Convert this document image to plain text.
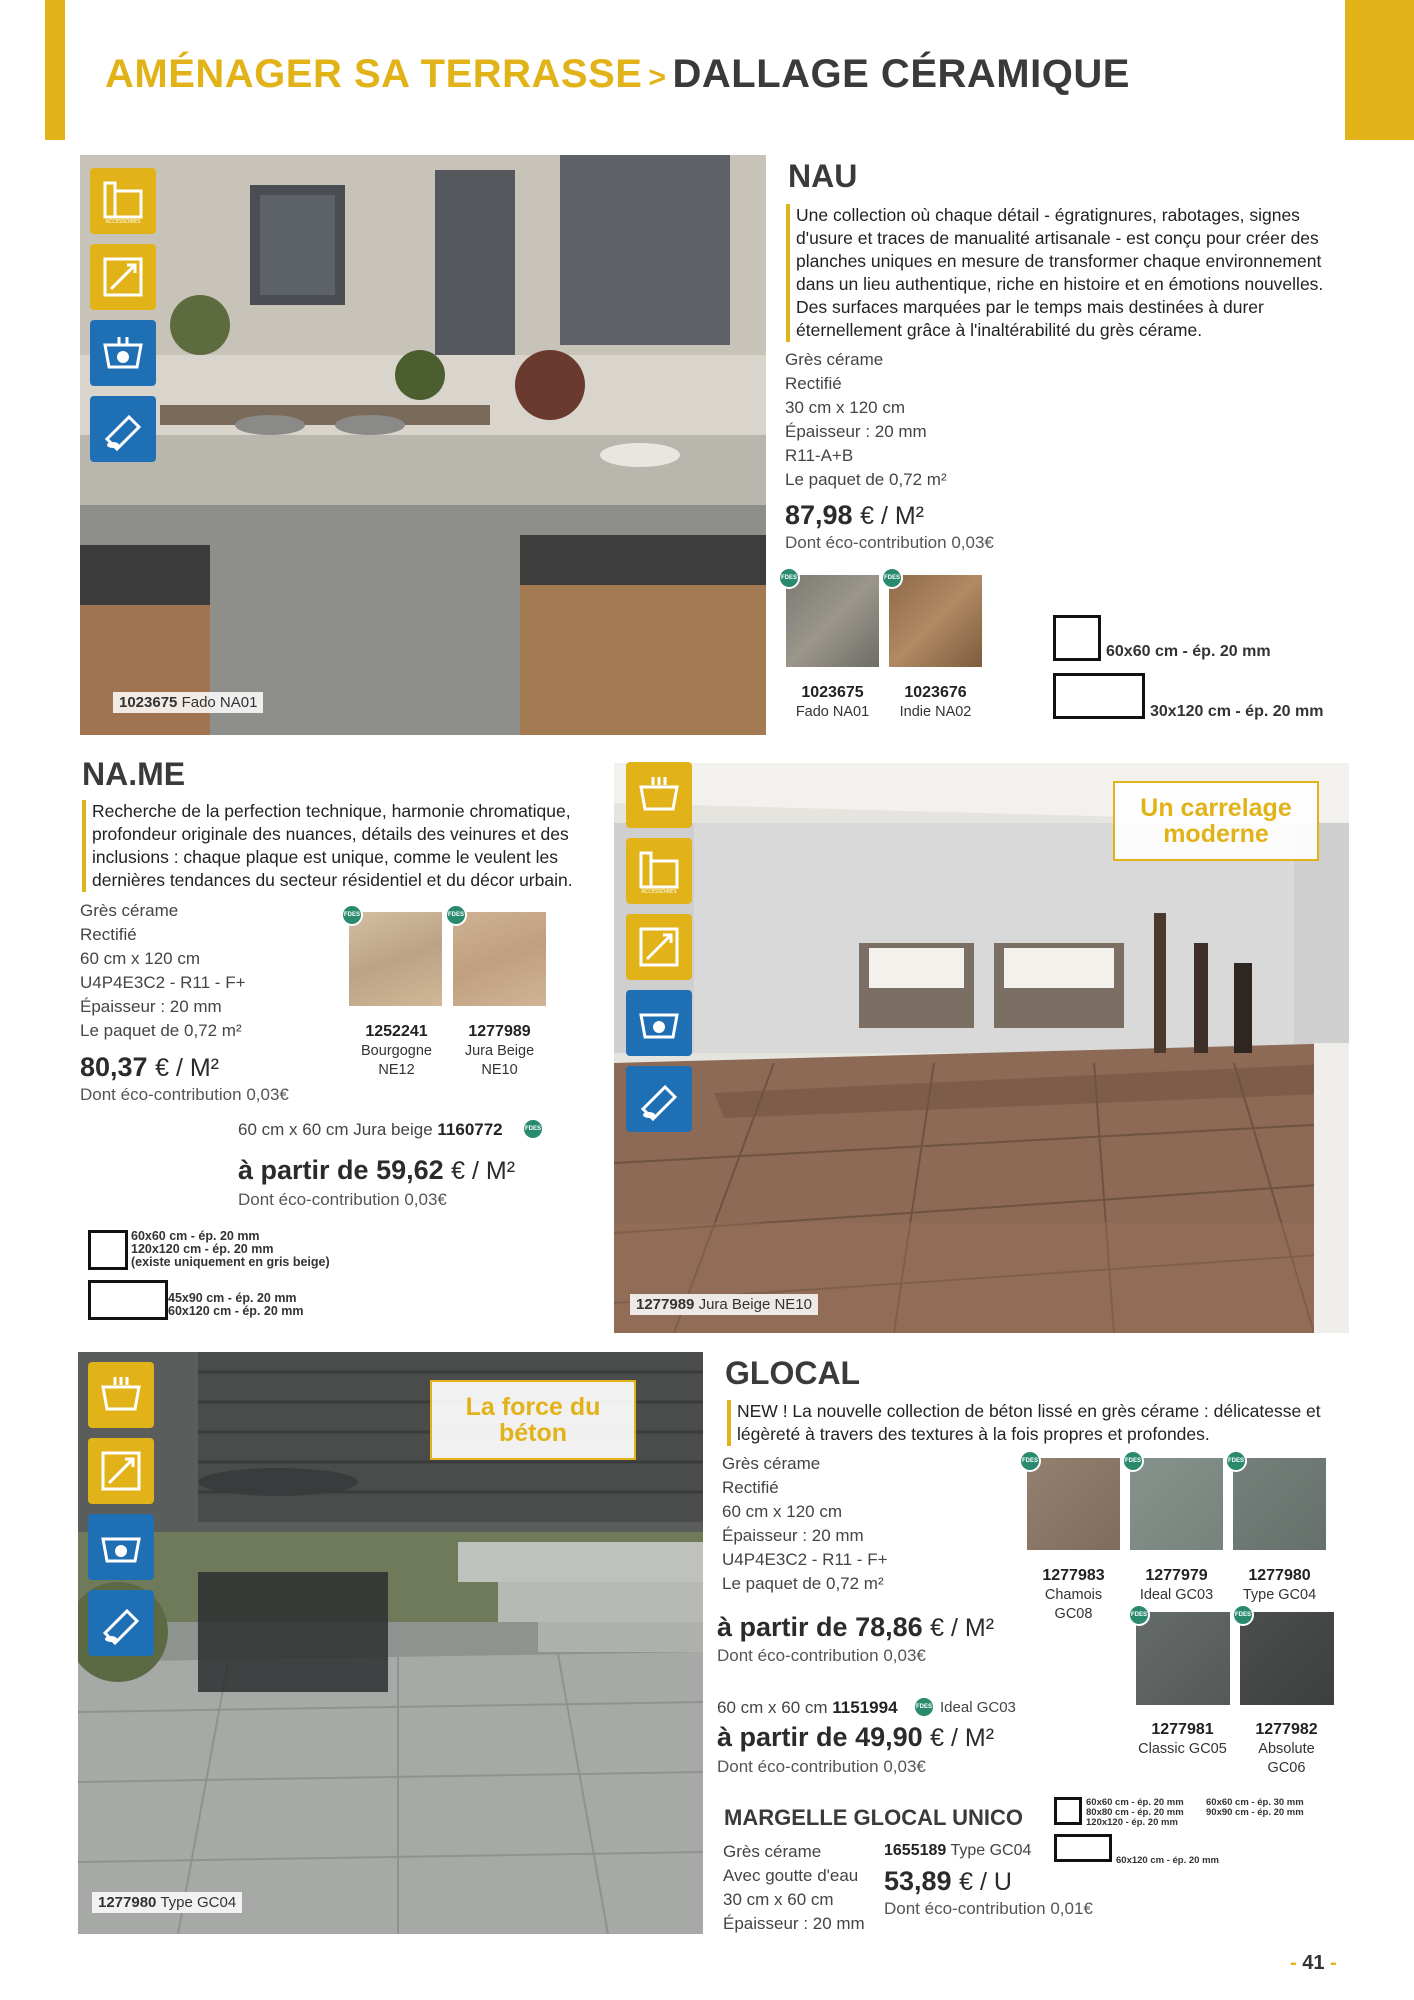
AMÉNAGER SA TERRASSE > DALLAGE CÉRAMIQUE
1023675 Fado NA01
ACCESSOIRES
NAU
Une collection où chaque détail - égratignures, rabotages, signes d'usure et traces de manualité artisanale - est conçu pour créer des planches uniques en mesure de transformer chaque environnement dans un lieu authentique, riche en histoire et en émotions nouvelles. Des surfaces marquées par le temps mais destinées à durer éternellement grâce à l'inaltérabilité du grès cérame.
Grès cérame
Rectifié
30 cm x 120 cm
Épaisseur : 20 mm
R11-A+B
Le paquet de 0,72 m²
87,98 € / M²
Dont éco-contribution 0,03€
FDES	FDES
1023675
Fado NA01
1023676
Indie NA02
60x60 cm - ép. 20 mm
30x120 cm - ép. 20 mm
NA.ME
Recherche de la perfection technique, harmonie chromatique, profondeur originale des nuances, détails des veinures et des inclusions : chaque plaque est unique, comme le veulent les dernières tendances du secteur résidentiel et du décor urbain.
Grès cérame
Rectifié
60 cm x 120 cm
U4P4E3C2 - R11 - F+
Épaisseur : 20 mm
Le paquet de 0,72 m²
80,37 € / M²
Dont éco-contribution 0,03€
FDES	FDES
1252241
Bourgogne
NE12
1277989
Jura Beige
NE10
60 cm x 60 cm Jura beige 1160772	FDES
à partir de 59,62 € / M²
Dont éco-contribution 0,03€
60x60 cm - ép. 20 mm
120x120 cm - ép. 20 mm
(existe uniquement en gris beige)
45x90 cm - ép. 20 mm
60x120 cm - ép. 20 mm	1277989 Jura Beige NE10
Un carrelage
moderne
ACCESSOIRES
1277980 Type GC04
La force du
béton
GLOCAL
NEW ! La nouvelle collection de béton lissé en grès cérame : délicatesse et légèreté à travers des textures à la fois propres et profondes.
Grès cérame
Rectifié
60 cm x 120 cm
Épaisseur : 20 mm
U4P4E3C2 - R11 - F+
Le paquet de 0,72 m²
à partir de 78,86 € / M²
Dont éco-contribution 0,03€
60 cm x 60 cm 1151994	FDES Ideal GC03
à partir de 49,90 € / M²
Dont éco-contribution 0,03€
FDES	FDES	FDES
1277983
Chamois
GC08
1277979
Ideal GC03
1277980
Type GC04
FDES	FDES
1277981
Classic GC05
1277982
Absolute
GC06
MARGELLE GLOCAL UNICO
Grès cérame
Avec goutte d'eau
30 cm x 60 cm
Épaisseur : 20 mm
1655189 Type GC04
53,89 € / U
Dont éco-contribution 0,01€
60x60 cm - ép. 20 mm
80x80 cm - ép. 20 mm
120x120 - ép. 20 mm
60x60 cm - ép. 30 mm
90x90 cm - ép. 20 mm
60x120 cm - ép. 20 mm
- 41 -
